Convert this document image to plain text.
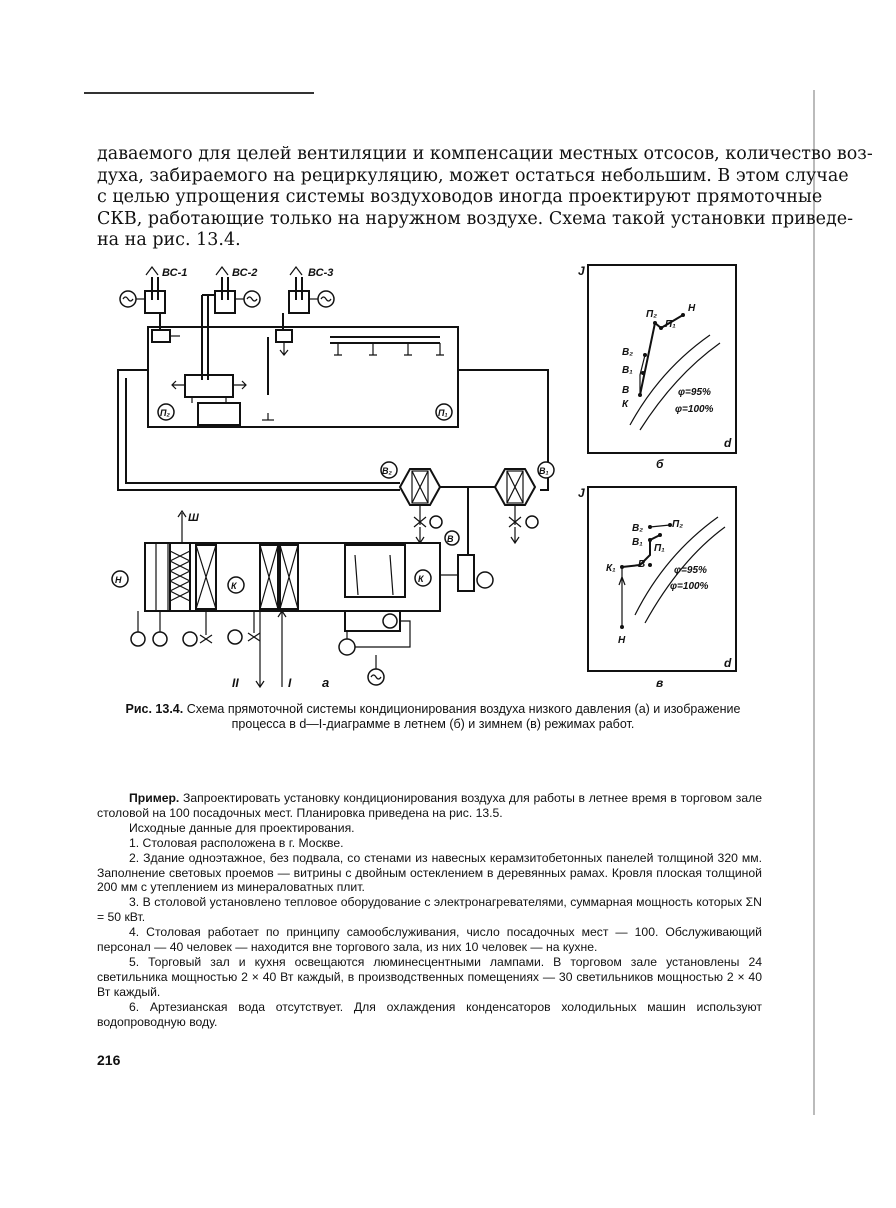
даваемого для целей вентиляции и компенсации местных отсосов, количество воз-
духа, забираемого на рециркуляцию, может остаться небольшим. В этом случае
с целью упрощения системы воздуховодов иногда проектируют прямоточные
СКВ, работающие только на наружном воздухе. Схема такой установки приведе-
на на рис. 13.4.
ВС-1	ВС-2	ВС-3
П₂	П₁
В₂	В₁
В
Н
К
К
Ш
II	I а
J
d
П₂
П₁
Н
В₂
В₁
В
К
φ=95%
φ=100%
б
J
d
В₂	П₂
В₁
П₁
К₁ В
Н
φ=95%
φ=100%
в
Рис. 13.4. Схема прямоточной системы кондиционирования воздуха низкого давления (а) и изображение процесса в d—I-диаграмме в летнем (б) и зимнем (в) режимах работ.

Пример. Запроектировать установку кондиционирования воздуха для работы в летнее время в торговом зале столовой на 100 посадочных мест. Планировка приведена на рис. 13.5.

Исходные данные для проектирования.

1. Столовая расположена в г. Москве.

2. Здание одноэтажное, без подвала, со стенами из навесных керамзитобетонных панелей толщиной 320 мм. Заполнение световых проемов — витрины с двойным остеклением в деревянных рамах. Кровля плоская толщиной 200 мм с утеплением из минераловатных плит.

3. В столовой установлено тепловое оборудование с электронагревателями, суммарная мощность которых ΣN = 50 кВт.

4. Столовая работает по принципу самообслуживания, число посадочных мест — 100. Обслуживающий персонал — 40 человек — находится вне торгового зала, из них 10 человек — на кухне.

5. Торговый зал и кухня освещаются люминесцентными лампами. В торговом зале установлены 24 светильника мощностью 2 × 40 Вт каждый, в производственных помещениях — 30 светильников мощностью 2 × 40 Вт каждый.

6. Артезианская вода отсутствует. Для охлаждения конденсаторов холодильных машин используют водопроводную воду.

216
